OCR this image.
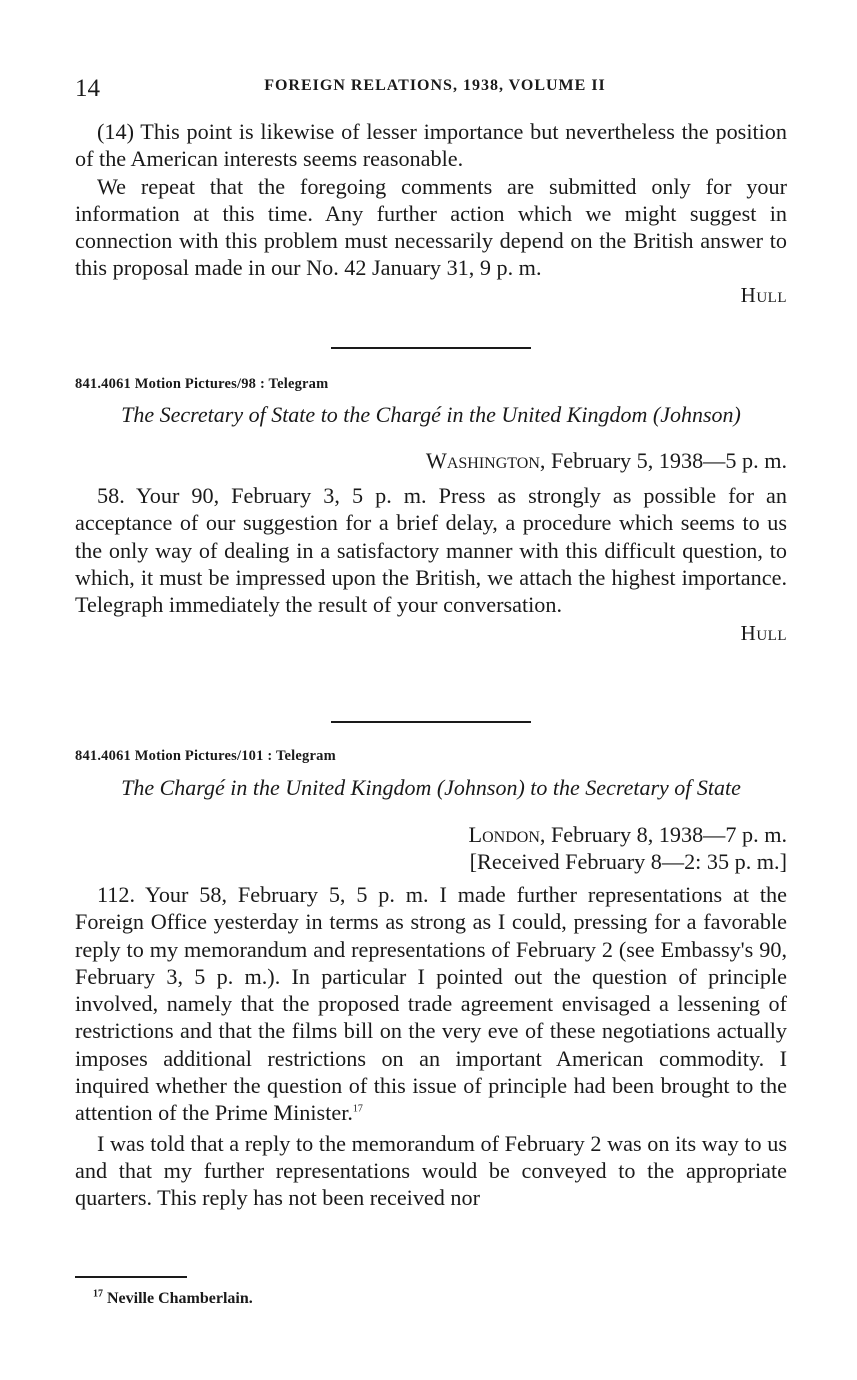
14	FOREIGN RELATIONS, 1938, VOLUME II

(14) This point is likewise of lesser importance but nevertheless the position of the American interests seems reasonable.

We repeat that the foregoing comments are submitted only for your information at this time. Any further action which we might suggest in connection with this problem must necessarily depend on the British answer to this proposal made in our No. 42 January 31, 9 p. m.

Hull

841.4061 Motion Pictures/98 : Telegram

The Secretary of State to the Chargé in the United Kingdom (Johnson)

Washington, February 5, 1938—5 p. m.

58. Your 90, February 3, 5 p. m. Press as strongly as possible for an acceptance of our suggestion for a brief delay, a procedure which seems to us the only way of dealing in a satisfactory manner with this difficult question, to which, it must be impressed upon the British, we attach the highest importance. Telegraph immediately the result of your conversation.

Hull

841.4061 Motion Pictures/101 : Telegram

The Chargé in the United Kingdom (Johnson) to the Secretary of State

London, February 8, 1938—7 p. m.

[Received February 8—2: 35 p. m.]

112. Your 58, February 5, 5 p. m. I made further representations at the Foreign Office yesterday in terms as strong as I could, pressing for a favorable reply to my memorandum and representations of February 2 (see Embassy's 90, February 3, 5 p. m.). In particular I pointed out the question of principle involved, namely that the proposed trade agreement envisaged a lessening of restrictions and that the films bill on the very eve of these negotiations actually imposes additional restrictions on an important American commodity. I inquired whether the question of this issue of principle had been brought to the attention of the Prime Minister.$^{17}$

I was told that a reply to the memorandum of February 2 was on its way to us and that my further representations would be conveyed to the appropriate quarters. This reply has not been received nor

$^{17}$ Neville Chamberlain.
